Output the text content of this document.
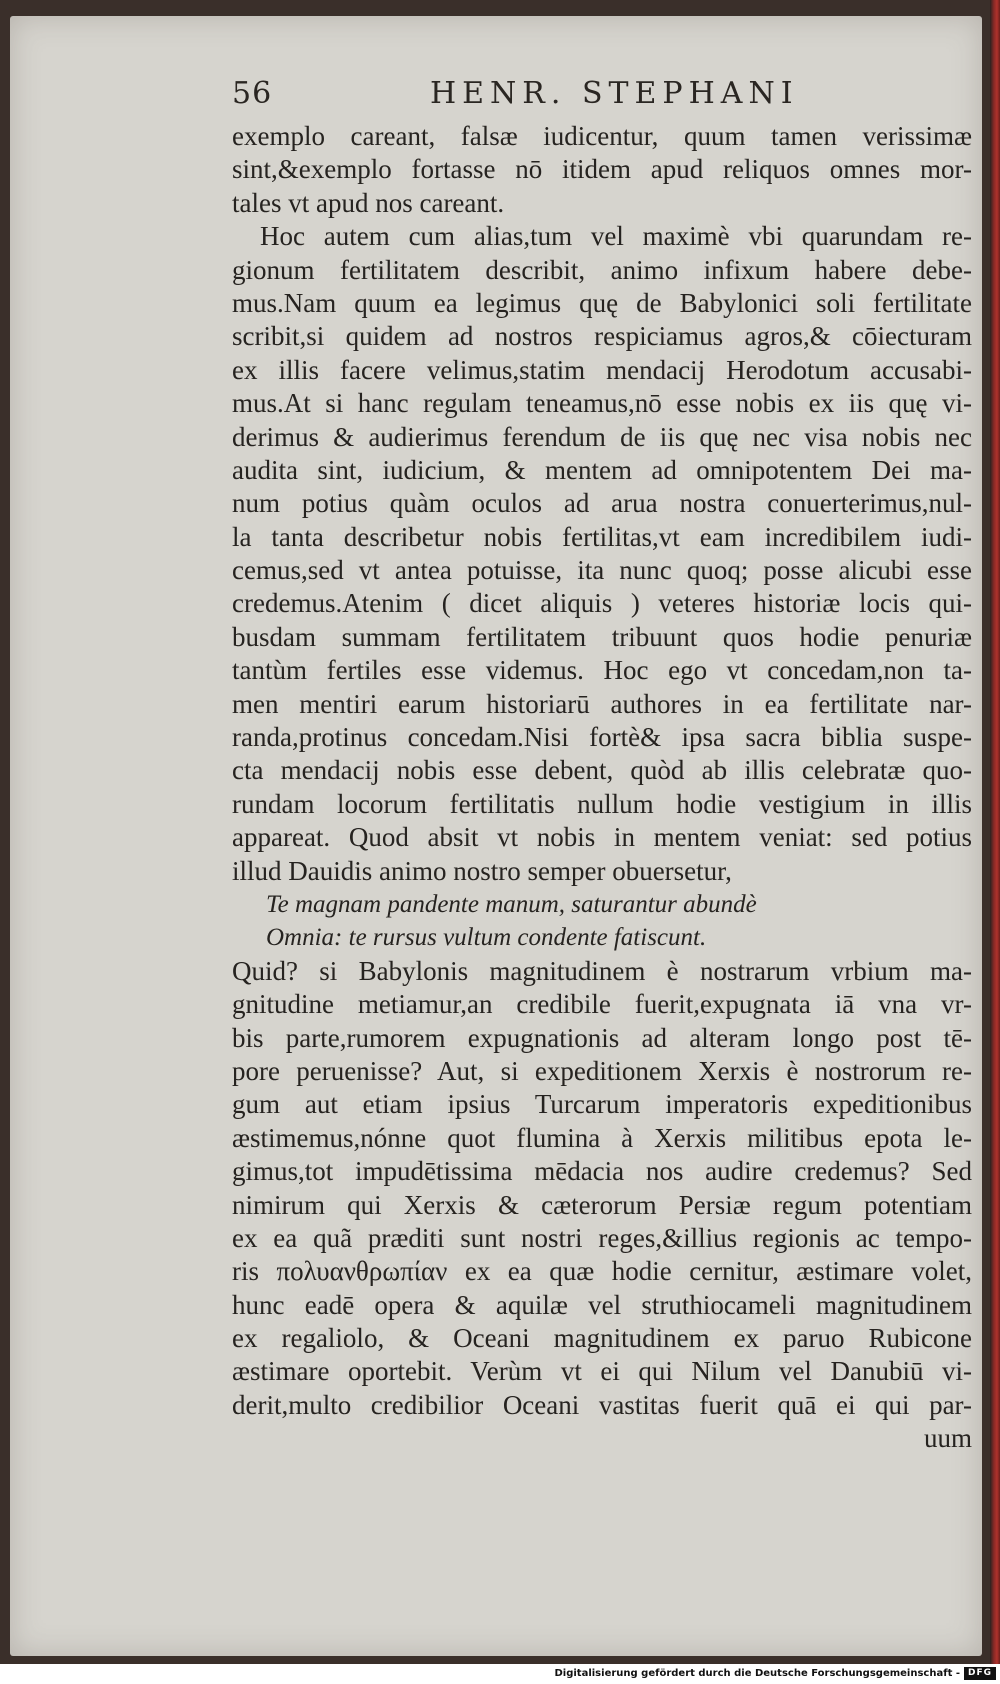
56	HENR. STEPHANI
exemplo careant, falsæ iudicentur, quum tamen verissimæ
sint,&exemplo fortasse nō itidem apud reliquos omnes mor-
tales vt apud nos careant.
Hoc autem cum alias,tum vel maximè vbi quarundam re-
gionum fertilitatem describit, animo infixum habere debe-
mus.Nam quum ea legimus quę de Babylonici soli fertilitate
scribit,si quidem ad nostros respiciamus agros,& cōiecturam
ex illis facere velimus,statim mendacij Herodotum accusabi-
mus.At si hanc regulam teneamus,nō esse nobis ex iis quę vi-
derimus & audierimus ferendum de iis quę nec visa nobis nec
audita sint, iudicium, & mentem ad omnipotentem Dei ma-
num potius quàm oculos ad arua nostra conuerterimus,nul-
la tanta describetur nobis fertilitas,vt eam incredibilem iudi-
cemus,sed vt antea potuisse, ita nunc quoq; posse alicubi esse
credemus.Atenim ( dicet aliquis ) veteres historiæ locis qui-
busdam summam fertilitatem tribuunt quos hodie penuriæ
tantùm fertiles esse videmus. Hoc ego vt concedam,non ta-
men mentiri earum historiarū authores in ea fertilitate nar-
randa,protinus concedam.Nisi fortè& ipsa sacra biblia suspe-
cta mendacij nobis esse debent, quòd ab illis celebratæ quo-
rundam locorum fertilitatis nullum hodie vestigium in illis
appareat. Quod absit vt nobis in mentem veniat: sed potius
illud Dauidis animo nostro semper obuersetur,
Te magnam pandente manum, saturantur abundè
Omnia: te rursus vultum condente fatiscunt.
Quid? si Babylonis magnitudinem è nostrarum vrbium ma-
gnitudine metiamur,an credibile fuerit,expugnata iā vna vr-
bis parte,rumorem expugnationis ad alteram longo post tē-
pore peruenisse? Aut, si expeditionem Xerxis è nostrorum re-
gum aut etiam ipsius Turcarum imperatoris expeditionibus
æstimemus,nónne quot flumina à Xerxis militibus epota le-
gimus,tot impudētissima mēdacia nos audire credemus? Sed
nimirum qui Xerxis & cæterorum Persiæ regum potentiam
ex ea quã præditi sunt nostri reges,&illius regionis ac tempo-
ris πολυανθρωπίαν ex ea quæ hodie cernitur, æstimare volet,
hunc eadē opera & aquilæ vel struthiocameli magnitudinem
ex regaliolo, & Oceani magnitudinem ex paruo Rubicone
æstimare oportebit. Verùm vt ei qui Nilum vel Danubiū vi-
derit,multo credibilior Oceani vastitas fuerit quā ei qui par-
uum
Digitalisierung gefördert durch die Deutsche Forschungsgemeinschaft - DFG
